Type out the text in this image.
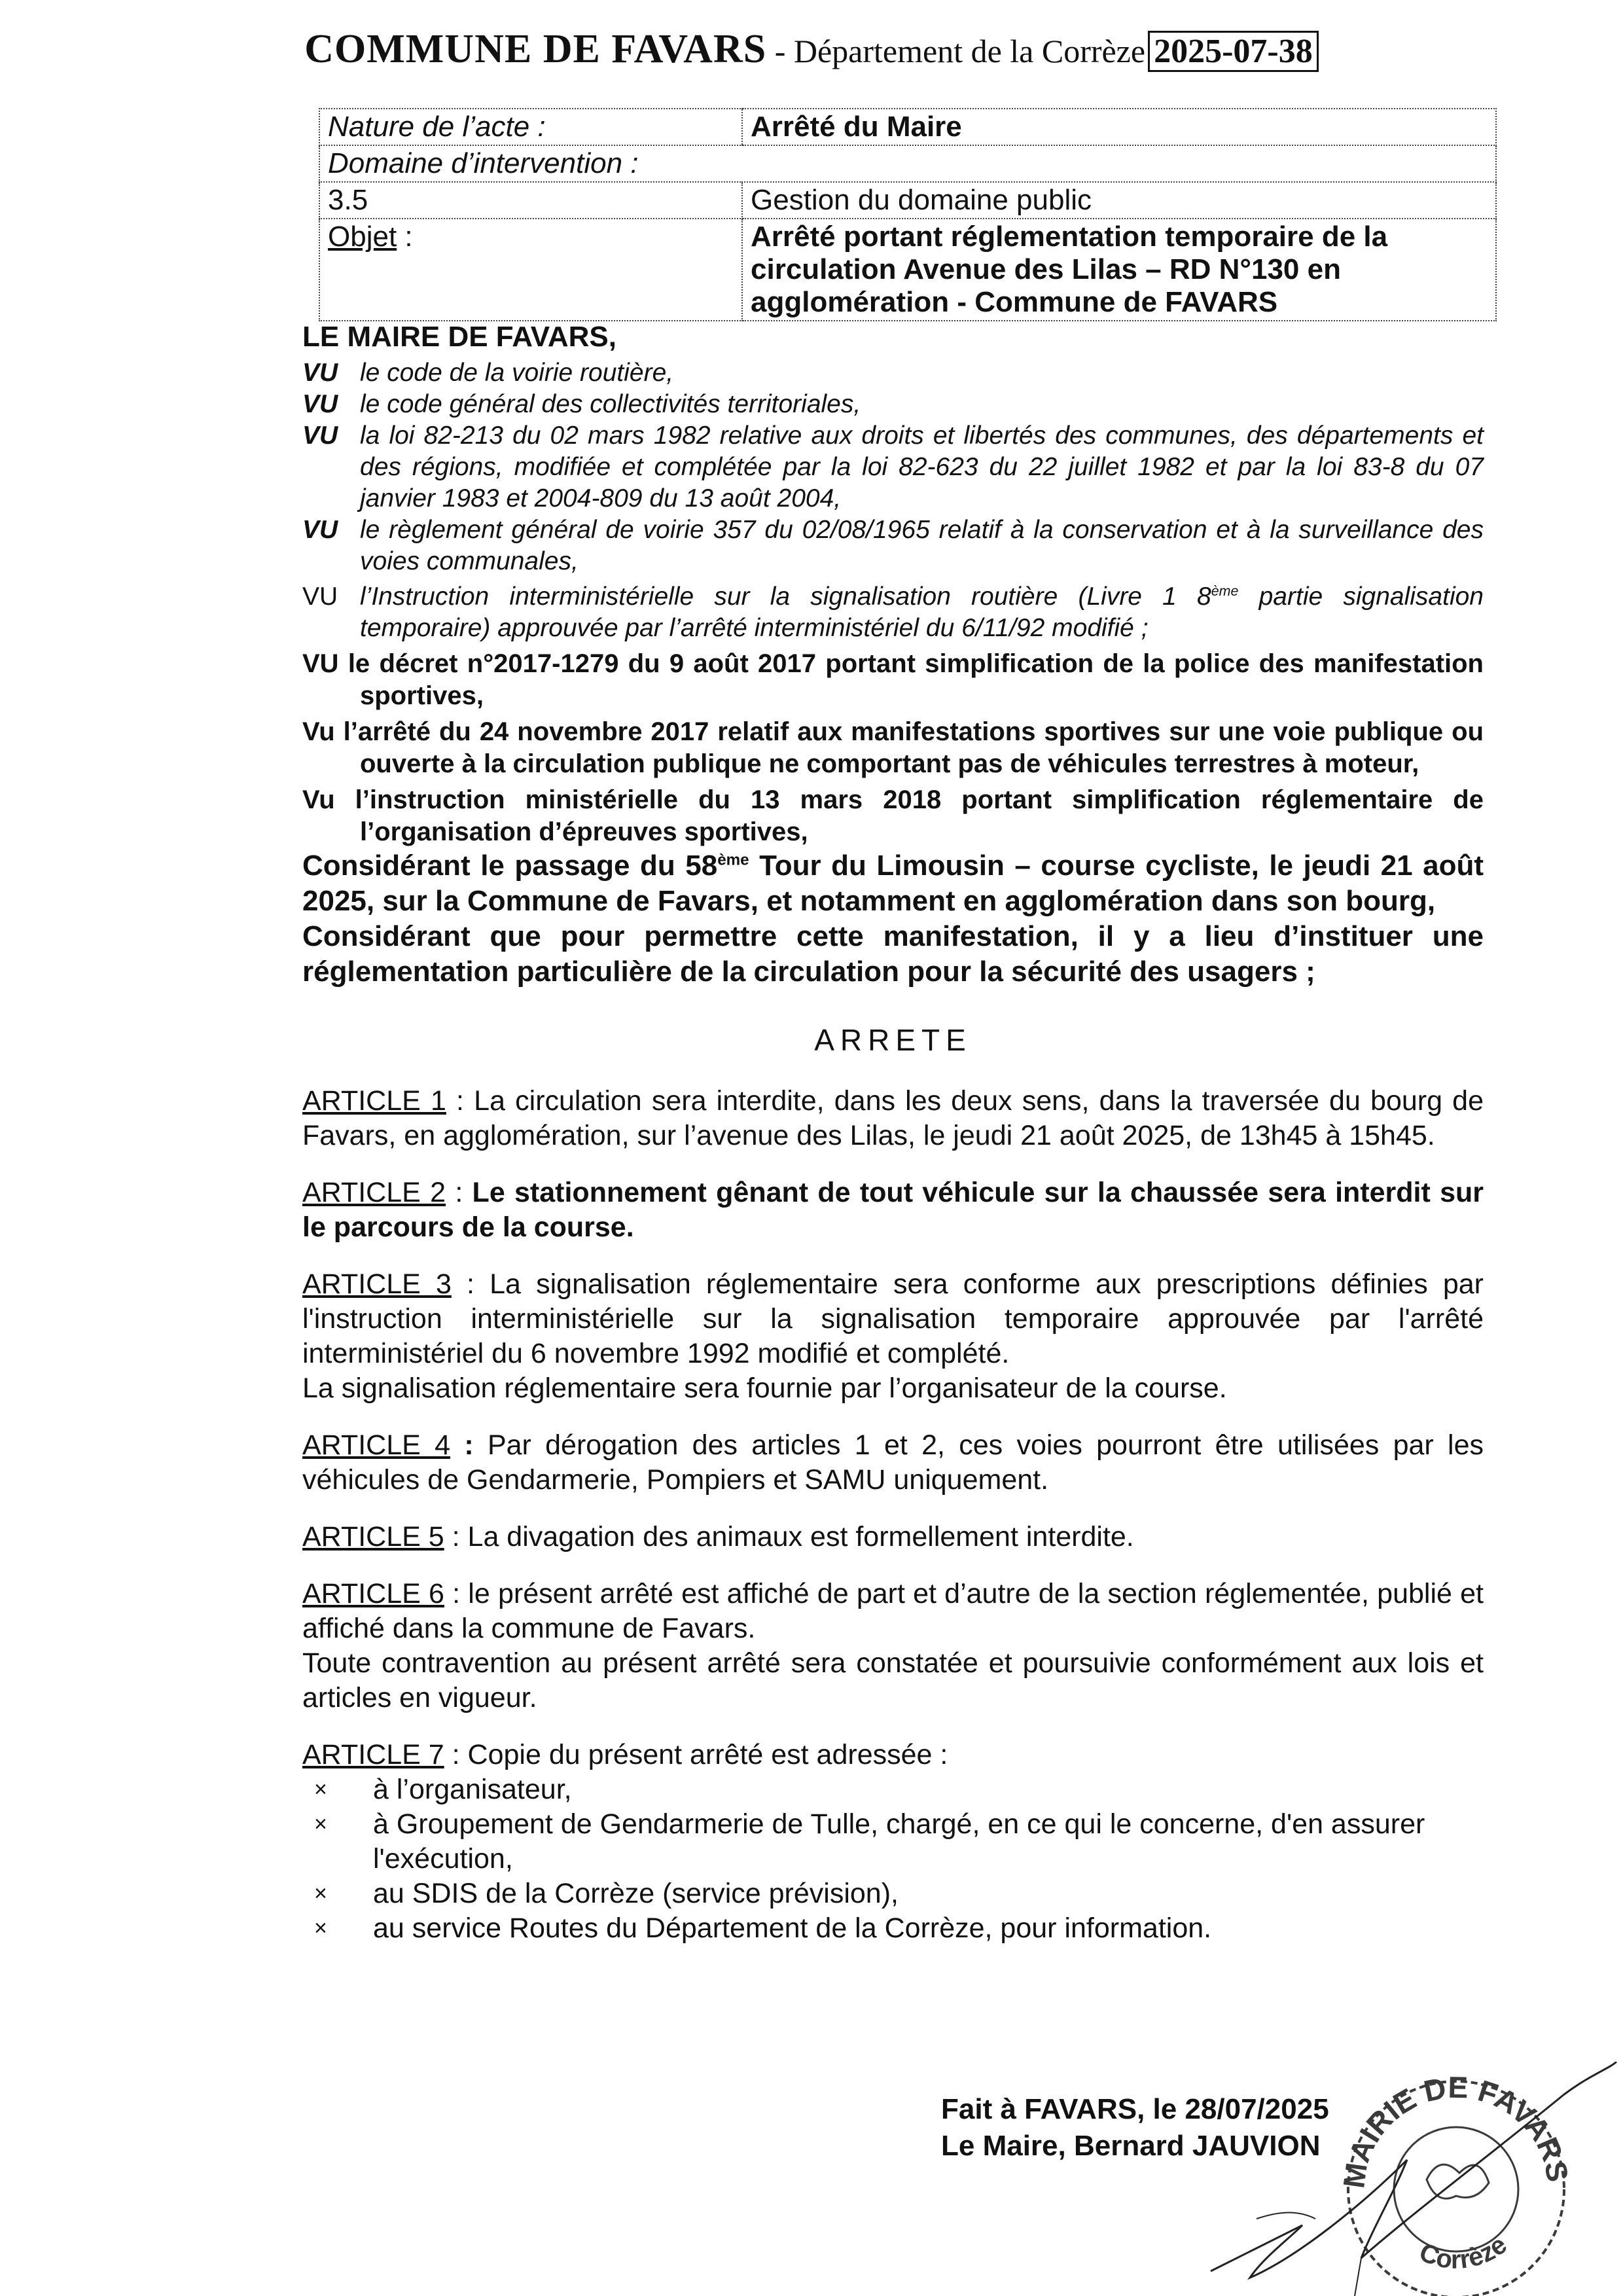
COMMUNE DE FAVARS - Département de la Corrèze 2025-07-38
Nature de l’acte :	Arrêté du Maire
Domaine d’intervention :	
3.5	Gestion du domaine public
Objet :	Arrêté portant réglementation temporaire de la circulation Avenue des Lilas – RD N°130 en agglomération - Commune de FAVARS
LE MAIRE DE FAVARS,
VU le code de la voirie routière,
VU le code général des collectivités territoriales,
VU la loi 82-213 du 02 mars 1982 relative aux droits et libertés des communes, des départements et des régions, modifiée et complétée par la loi 82-623 du 22 juillet 1982 et par la loi 83-8 du 07 janvier 1983 et 2004-809 du 13 août 2004,
VU le règlement général de voirie 357 du 02/08/1965 relatif à la conservation et à la surveillance des voies communales,
VU l’Instruction interministérielle sur la signalisation routière (Livre 1 8ème partie signalisation temporaire) approuvée par l’arrêté interministériel du 6/11/92 modifié ;
VU le décret n°2017-1279 du 9 août 2017 portant simplification de la police des manifestation sportives,
Vu l’arrêté du 24 novembre 2017 relatif aux manifestations sportives sur une voie publique ou ouverte à la circulation publique ne comportant pas de véhicules terrestres à moteur,
Vu l’instruction ministérielle du 13 mars 2018 portant simplification réglementaire de l’organisation d’épreuves sportives,
Considérant le passage du 58ème Tour du Limousin – course cycliste, le jeudi 21 août 2025, sur la Commune de Favars, et notamment en agglomération dans son bourg,
Considérant que pour permettre cette manifestation, il y a lieu d’instituer une réglementation particulière de la circulation pour la sécurité des usagers ;
ARRETE
ARTICLE 1 : La circulation sera interdite, dans les deux sens, dans la traversée du bourg de Favars, en agglomération, sur l’avenue des Lilas, le jeudi 21 août 2025, de 13h45 à 15h45.
ARTICLE 2 : Le stationnement gênant de tout véhicule sur la chaussée sera interdit sur le parcours de la course.
ARTICLE 3 : La signalisation réglementaire sera conforme aux prescriptions définies par l'instruction interministérielle sur la signalisation temporaire approuvée par l'arrêté interministériel du 6 novembre 1992 modifié et complété.
La signalisation réglementaire sera fournie par l’organisateur de la course.
ARTICLE 4 : Par dérogation des articles 1 et 2, ces voies pourront être utilisées par les véhicules de Gendarmerie, Pompiers et SAMU uniquement.
ARTICLE 5 : La divagation des animaux est formellement interdite.
ARTICLE 6 : le présent arrêté est affiché de part et d’autre de la section réglementée, publié et affiché dans la commune de Favars.
Toute contravention au présent arrêté sera constatée et poursuivie conformément aux lois et articles en vigueur.
ARTICLE 7 : Copie du présent arrêté est adressée :
×	à l’organisateur,
×	à Groupement de Gendarmerie de Tulle, chargé, en ce qui le concerne, d'en assurer l'exécution,
×	au SDIS de la Corrèze (service prévision),
×	au service Routes du Département de la Corrèze, pour information.
Fait à FAVARS, le 28/07/2025
Le Maire, Bernard JAUVION
MAIRIE DE FAVARS
Corrèze
